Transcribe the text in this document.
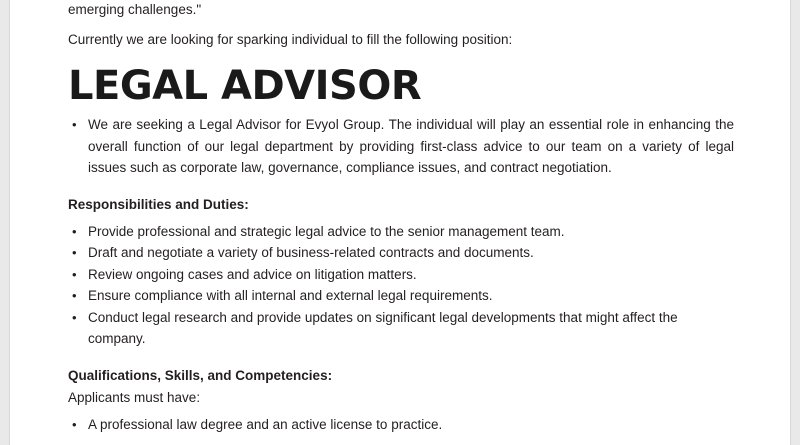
emerging challenges."

Currently we are looking for sparking individual to fill the following position:

LEGAL ADVISOR
• We are seeking a Legal Advisor for Evyol Group. The individual will play an essential role in enhancing the overall function of our legal department by providing first-class advice to our team on a variety of legal issues such as corporate law, governance, compliance issues, and contract negotiation.

Responsibilities and Duties:

• Provide professional and strategic legal advice to the senior management team.
• Draft and negotiate a variety of business-related contracts and documents.
• Review ongoing cases and advice on litigation matters.
• Ensure compliance with all internal and external legal requirements.
• Conduct legal research and provide updates on significant legal developments that might affect the company.

Qualifications, Skills, and Competencies:

Applicants must have:

• A professional law degree and an active license to practice.
